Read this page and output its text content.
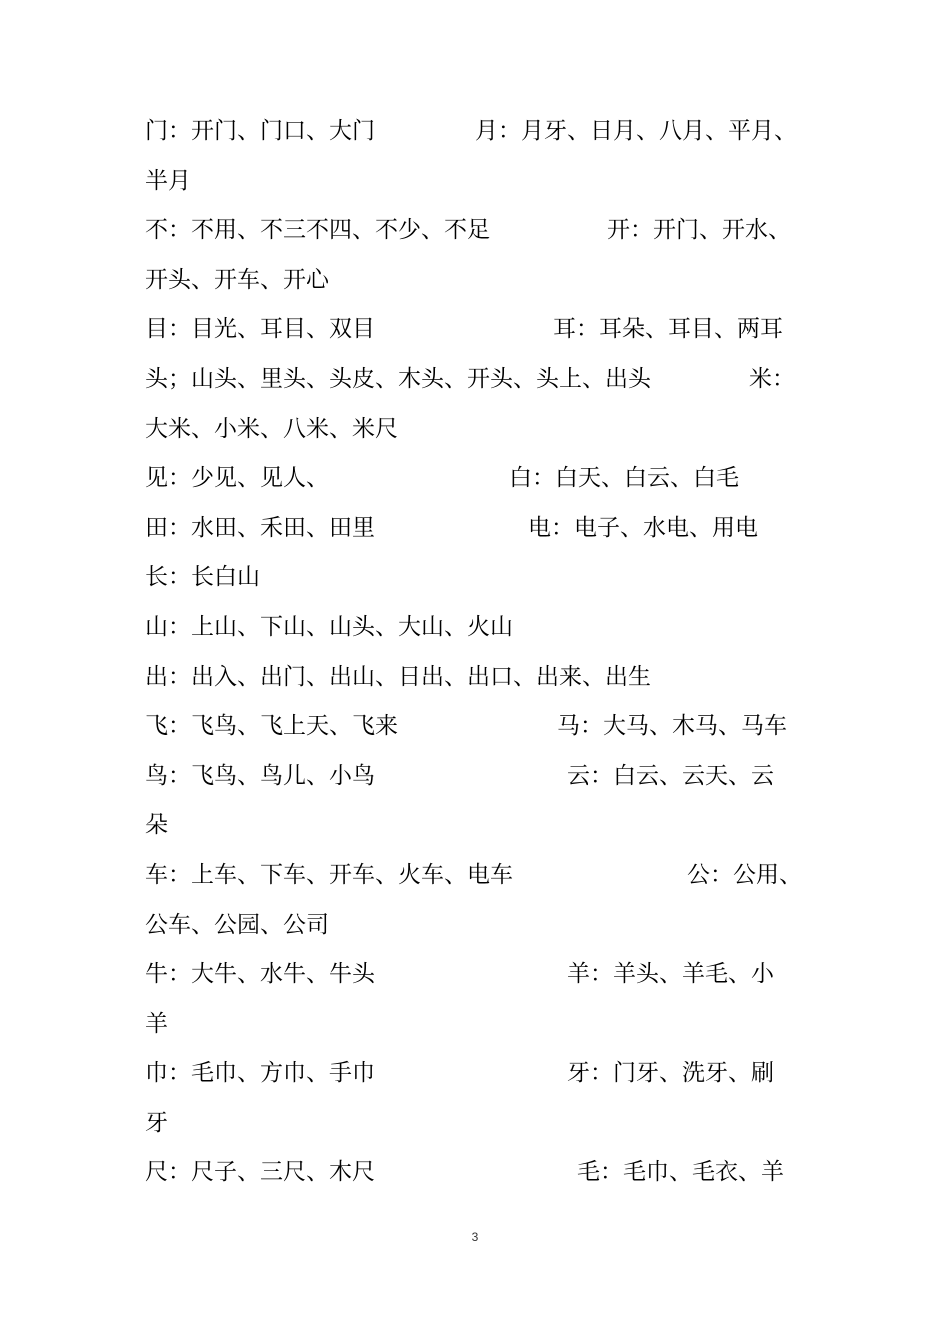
门：开门、门口、大门	月：月牙、日月、八月、平月、
半月
不：不用、不三不四、不少、不足	开：开门、开水、
开头、开车、开心
目：目光、耳目、双目	耳：耳朵、耳目、两耳
头；山头、里头、头皮、木头、开头、头上、出头	米：
大米、小米、八米、米尺
见：少见、见人、	白：白天、白云、白毛
田：水田、禾田、田里	电：电子、水电、用电
长：长白山
山：上山、下山、山头、大山、火山
出：出入、出门、出山、日出、出口、出来、出生
飞：飞鸟、飞上天、飞来	马：大马、木马、马车
鸟：飞鸟、鸟儿、小鸟	云：白云、云天、云
朵
车：上车、下车、开车、火车、电车	公：公用、
公车、公园、公司
牛：大牛、水牛、牛头	羊：羊头、羊毛、小
羊
巾：毛巾、方巾、手巾	牙：门牙、洗牙、刷
牙
尺：尺子、三尺、木尺	毛：毛巾、毛衣、羊
3
